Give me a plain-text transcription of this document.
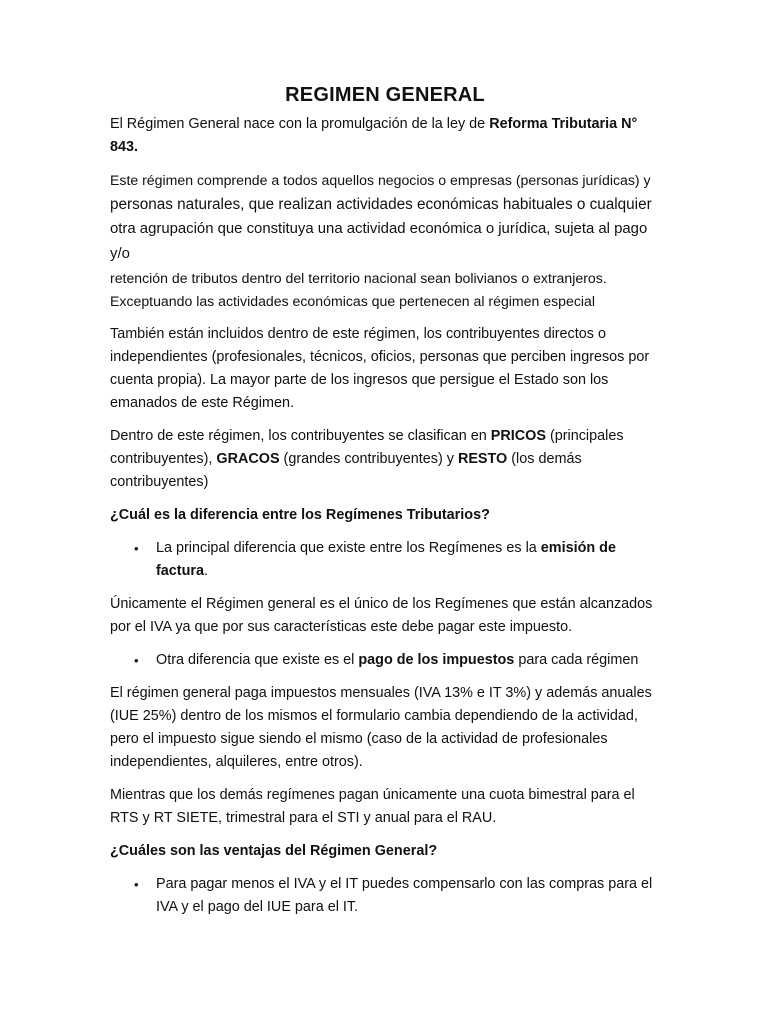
REGIMEN GENERAL

El Régimen General nace con la promulgación de la ley de Reforma Tributaria N° 843.

Este régimen comprende a todos aquellos negocios o empresas (personas jurídicas) y

personas naturales, que realizan actividades económicas habituales o cualquier

otra agrupación que constituya una actividad económica o jurídica, sujeta al pago y/o

retención de tributos dentro del territorio nacional sean bolivianos o extranjeros.

Exceptuando las actividades económicas que pertenecen al régimen especial

También están incluidos dentro de este régimen, los contribuyentes directos o independientes (profesionales, técnicos, oficios, personas que perciben ingresos por cuenta propia). La mayor parte de los ingresos que persigue el Estado son los emanados de este Régimen.

Dentro de este régimen, los contribuyentes se clasifican en PRICOS (principales contribuyentes), GRACOS (grandes contribuyentes) y RESTO (los demás contribuyentes)

¿Cuál es la diferencia entre los Regímenes Tributarios?

• La principal diferencia que existe entre los Regímenes es la emisión de factura.

Únicamente el Régimen general es el único de los Regímenes que están alcanzados por el IVA ya que por sus características este debe pagar este impuesto.

• Otra diferencia que existe es el pago de los impuestos para cada régimen

El régimen general paga impuestos mensuales (IVA 13% e IT 3%) y además anuales (IUE 25%) dentro de los mismos el formulario cambia dependiendo de la actividad, pero el impuesto sigue siendo el mismo (caso de la actividad de profesionales independientes, alquileres, entre otros).

Mientras que los demás regímenes pagan únicamente una cuota bimestral para el RTS y RT SIETE, trimestral para el STI y anual para el RAU.

¿Cuáles son las ventajas del Régimen General?

• Para pagar menos el IVA y el IT puedes compensarlo con las compras para el IVA y el pago del IUE para el IT.
